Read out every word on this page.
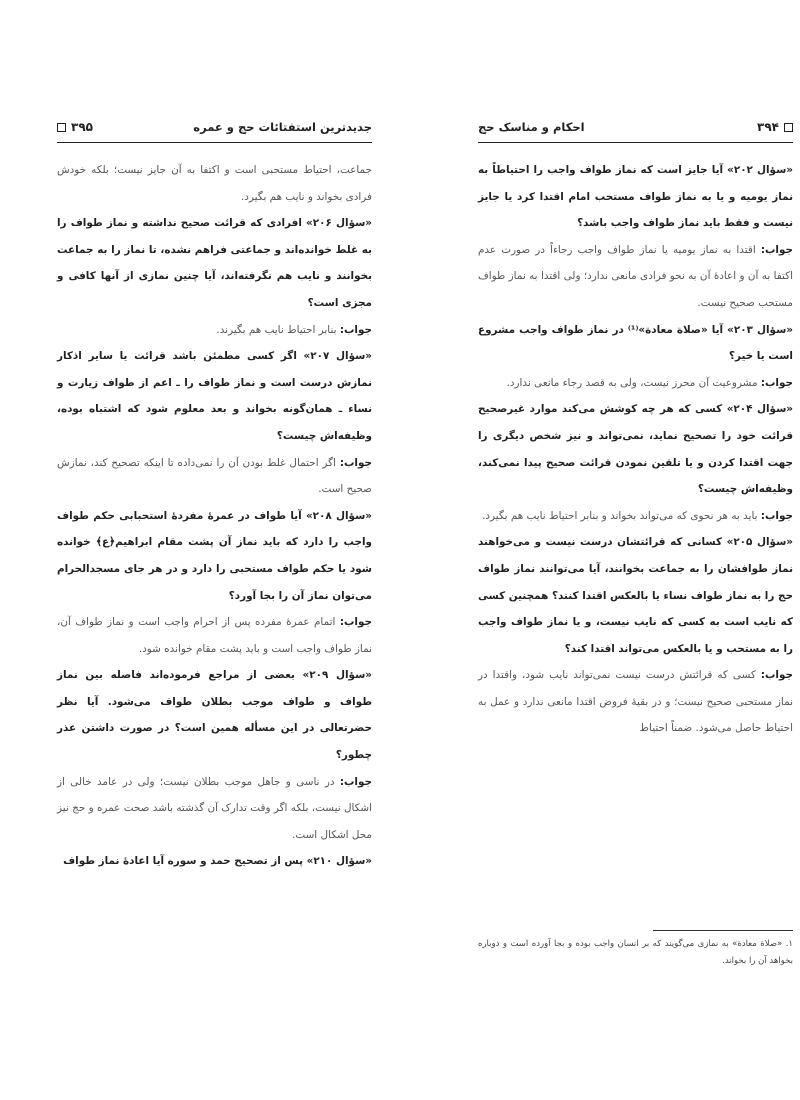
۳۹۴
احکام و مناسک حج

«سؤال ۲۰۲» آیا جایز است که نماز طواف واجب را احتیاطاً به نماز یومیه و یا به نماز طواف مستحب امام اقتدا کرد یا جایز نیست و فقط باید نماز طواف واجب باشد؟

جواب: اقتدا به نماز یومیه یا نماز طواف واجب رجاءاً در صورت عدم اکتفا به آن و اعادهٔ آن به نحو فرادی مانعی ندارد؛ ولی اقتدا به نماز طواف مستحب صحیح نیست.

«سؤال ۲۰۳» آیا «صلاة معادة»⁽¹⁾ در نماز طواف واجب مشروع است یا خیر؟

جواب: مشروعیت آن محرز نیست، ولی به قصد رجاء مانعی ندارد.

«سؤال ۲۰۴» کسی که هر چه کوشش می‌کند موارد غیرصحیح قرائت خود را تصحیح نماید، نمی‌تواند و نیز شخص دیگری را جهت اقتدا کردن و یا تلقین نمودن قرائت صحیح پیدا نمی‌کند، وظیفه‌اش چیست؟

جواب: باید به هر نحوی که می‌تواند بخواند و بنابر احتیاط نایب هم بگیرد.

«سؤال ۲۰۵» کسانی که قرائتشان درست نیست و می‌خواهند نماز طوافشان را به جماعت بخوانند، آیا می‌توانند نماز طواف حج را به نماز طواف نساء یا بالعکس اقتدا کنند؟ همچنین کسی که نایب است به کسی که نایب نیست، و یا نماز طواف واجب را به مستحب و یا بالعکس می‌تواند اقتدا کند؟

جواب: کسی که قرائتش درست نیست نمی‌تواند نایب شود، واقتدا در نماز مستحبی صحیح نیست؛ و در بقیهٔ فروض اقتدا مانعی ندارد و عمل به احتیاط حاصل می‌شود. ضمناً احتیاط

۱. «صلاة معادة» به نمازی می‌گویند که بر انسان واجب بوده و بجا آورده است و دوباره بخواهد آن را بخواند.
۳۹۵	جدیدترین استفتائات حج و عمره

جماعت، احتیاط مستحبی است و اکتفا به آن جایز نیست؛ بلکه خودش فرادی بخواند و نایب هم بگیرد.

«سؤال ۲۰۶» افرادی که قرائت صحیح نداشته و نماز طواف را به غلط خوانده‌اند و جماعتی فراهم نشده، تا نماز را به جماعت بخوانند و نایب هم نگرفته‌اند، آیا چنین نمازی از آنها کافی و مجزی است؟

جواب: بنابر احتیاط نایب هم بگیرند.

«سؤال ۲۰۷» اگر کسی مطمئن باشد قرائت یا سایر اذکار نمازش درست است و نماز طواف را ـ اعم از طواف زیارت و نساء ـ همان‌گونه بخواند و بعد معلوم شود که اشتباه بوده، وظیفه‌اش چیست؟

جواب: اگر احتمال غلط بودن آن را نمی‌داده تا اینکه تصحیح کند، نمازش صحیح است.

«سؤال ۲۰۸» آیا طواف در عمرهٔ مفردهٔ استحبابی حکم طواف واجب را دارد که باید نماز آن پشت مقام ابراهیم﴿ع﴾ خوانده شود یا حکم طواف مستحبی را دارد و در هر جای مسجدالحرام می‌توان نماز آن را بجا آورد؟

جواب: اتمام عمرهٔ مفرده پس از احرام واجب است و نماز طواف آن، نماز طواف واجب است و باید پشت مقام خوانده شود.

«سؤال ۲۰۹» بعضی از مراجع فرموده‌اند فاصله بین نماز طواف و طواف موجب بطلان طواف می‌شود. آیا نظر حضرتعالی در این مسأله همین است؟ در صورت داشتن عذر چطور؟

جواب: در ناسی و جاهل موجب بطلان نیست؛ ولی در عامد خالی از اشکال نیست، بلکه اگر وقت تدارک آن گذشته باشد صحت عمره و حج نیز محل اشکال است.

«سؤال ۲۱۰» پس از تصحیح حمد و سوره آیا اعادهٔ نماز طواف
